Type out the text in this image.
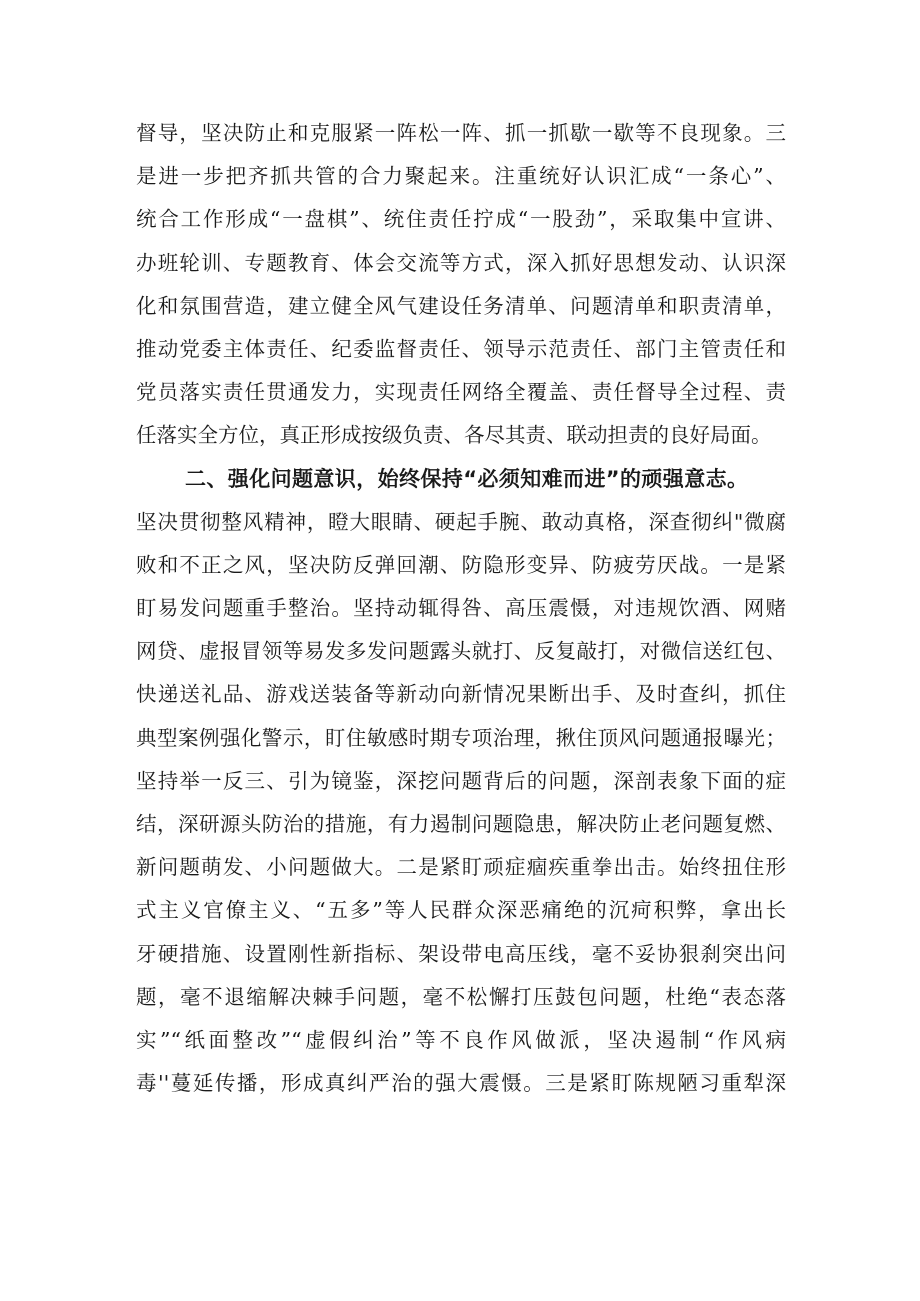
督导，坚决防止和克服紧一阵松一阵、抓一抓歇一歇等不良现象。三
是进一步把齐抓共管的合力聚起来。注重统好认识汇成“一条心”、
统合工作形成“一盘棋”、统住责任拧成“一股劲”，采取集中宣讲、
办班轮训、专题教育、体会交流等方式，深入抓好思想发动、认识深
化和氛围营造，建立健全风气建设任务清单、问题清单和职责清单，
推动党委主体责任、纪委监督责任、领导示范责任、部门主管责任和
党员落实责任贯通发力，实现责任网络全覆盖、责任督导全过程、责
任落实全方位，真正形成按级负责、各尽其责、联动担责的良好局面。
二、强化问题意识，始终保持“必须知难而进”的顽强意志。
坚决贯彻整风精神，瞪大眼睛、硬起手腕、敢动真格，深查彻纠"微腐
败和不正之风，坚决防反弹回潮、防隐形变异、防疲劳厌战。一是紧
盯易发问题重手整治。坚持动辄得咎、高压震慑，对违规饮酒、网赌
网贷、虚报冒领等易发多发问题露头就打、反复敲打，对微信送红包、
快递送礼品、游戏送装备等新动向新情况果断出手、及时查纠，抓住
典型案例强化警示，盯住敏感时期专项治理，揪住顶风问题通报曝光；
坚持举一反三、引为镜鉴，深挖问题背后的问题，深剖表象下面的症
结，深研源头防治的措施，有力遏制问题隐患，解决防止老问题复燃、
新问题萌发、小问题做大。二是紧盯顽症痼疾重拳出击。始终扭住形
式主义官僚主义、“五多”等人民群众深恶痛绝的沉疴积弊，拿出长
牙硬措施、设置刚性新指标、架设带电高压线，毫不妥协狠刹突出问
题，毫不退缩解决棘手问题，毫不松懈打压鼓包问题，杜绝“表态落
实”“纸面整改”“虚假纠治”等不良作风做派，坚决遏制“作风病
毒''蔓延传播，形成真纠严治的强大震慑。三是紧盯陈规陋习重犁深
